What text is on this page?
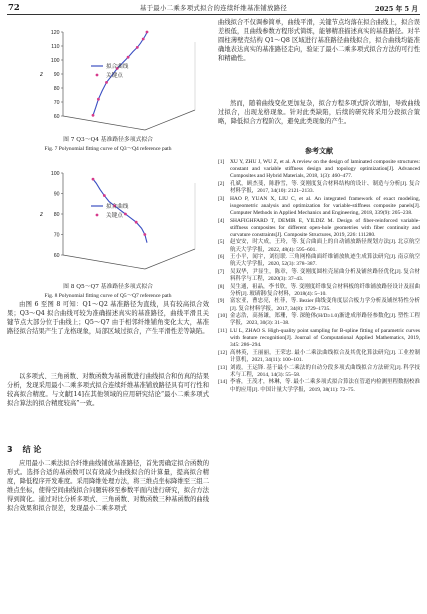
72	基于最小二乘多项式拟合的连续纤维基准铺放路径	2025 年 5 月
60
70
80
90
100
110
120
z
拟合曲线
关键点
图 7 Q3～Q4 基准路径多项式拟合
Fig. 7 Polynomial fitting curve of Q3～Q4 reference path
60
70
80
90
100
z
拟合曲线
关键点
图 8 Q5～Q7 基准路径多项式拟合
Fig. 8 Polynomial fitting curve of Q5～Q7 reference path
由图 6 至图 8 可知：Q1～Q2 基准路径为直线，具有较高拟合效果；Q3～Q4 拟合曲线可较为准确描述真实的基准路径，曲线平滑且关键节点大部分位于曲线上；Q5～Q7 由于相邻纤维铺角变化太大，基准路径拟合结果产生了龙格现象，局部区域过拟合，产生平滑性差等缺陷。
以多项式、三角函数、对数函数为基函数进行曲线拟合和仿真的结果分析，发现采用最小二乘多项式拟合连续纤维基准铺放路径具有可行性和较高拟合精度。与文献[14]在其他领域的应用研究结论“最小二乘多项式拟合算法的拟合精度较高”一致。
3 结 论
应用最小二乘法拟合纤维曲线铺放基准路径，首先需确定拟合函数的形式。选择合适的基函数可以有效减少曲线拟合的计算量，提高拟合精度，降低程序开发难度。采用降维处理方法，将三维点坐标降维至三组二维点坐标，使得空间曲线拟合问题转移至参数平面内进行研究，拟合方法得到简化。通过对比分析多项式、三角函数、对数函数三种基函数的曲线拟合效果和拟合误差，发现最小二乘多项式
曲线拟合不仅调参简单，曲线平滑，关键节点均落在拟合曲线上，拟合误差极低，且曲线参数方程形式简练，能够精准描述真实的基准路径。对半圆柱薄壁壳结构 Q1～Q8 区域进行基准路径曲线拟合，拟合曲线均能准确地表达真实的基准路径走向，验证了最小二乘多项式拟合方法的可行性和精确性。
然而，随着曲线变化更加复杂，拟合方程多项式阶次增加，导致曲线过拟合，出现龙格现象。针对此类缺陷，后续的研究将采用分段拟合策略，降低拟合方程阶次，避免此类现象的产生。
参考文献
[1] XU Y, ZHU J, WU Z, et al. A review on the design of laminated composite structures: constant and variable stiffness design and topology optimization[J]. Advanced Composites and Hybrid Materials, 2018, 1(3): 460–477.
[2] 孔斌，顾杰斐，陈静雪，等. 变刚度复合材料结构的设计、制造与分析[J]. 复合材料学报，2017, 34(10): 2121–2133.
[3] HAO P, YUAN X, LIU C, et al. An integrated framework of exact modeling, isogeometric analysis and optimization for variable-stiffness composite panels[J]. Computer Methods in Applied Mechanics and Engineering, 2018, 339(9): 205–238.
[4] SHAFIGHFARD T, DEMIR E, YILDIZ M. Design of fiber-reinforced variable-stiffness composites for different open-hole geometries with fiber continuity and curvature constraints[J]. Composite Structures, 2019, 226: 111280.
[5] 赵安安，时大成，王玲，等. 复合曲面上的自动铺放路径规划方法[J]. 北京航空航天大学学报，2022, 48(4): 595–601.
[6] 王小平，闻宇，刘衍联. 三角网格曲面纤维铺放轨迹生成算法研究[J]. 南京航空航天大学学报，2020, 52(3): 378–387.
[7] 吴双华，尹显生，陈章，等. 变刚度圆柱壳屈曲分析及铺丝路径优化[J]. 复合材料科学与工程，2020(3): 37–43.
[8] 吴生通，祖晶，李书欣，等. 变刚度纤维复合材料板的纤维铺放路径设计及屈曲分析[J]. 玻璃钢/复合材料，2018(4): 5–10.
[9] 富宏亚，曹忠亮，杜菲，等. Bezier 曲线变角度层合板力学分析及铺丝特性分析[J]. 复合材料学报，2017, 34(8): 1729–1735.
[10] 金志浩，高扬谦，郑珊，等. 深舱体(H/D≥1.0)渐进成形路径参数化[J]. 塑性工程学报，2023, 30(3): 31–38.
[11] LU L, ZHAO S. High-quality point sampling for B-spline fitting of parametric curves with feature recognition[J]. Journal of Computational Applied Mathematics, 2019, 345: 286–294.
[12] 高林英，王丽丽，王荣忠. 最小二乘法曲线拟合及其优化算法研究[J]. 工业控制计算机，2021, 34(11): 100–101.
[13] 刘霞，王运锋. 基于最小二乘法的自动分段多项式曲线拟合方法研究[J]. 科学技术与工程，2014, 14(3): 55–58.
[14] 李睿，王茂才，林琳，等. 最小二乘多项式拟合算法在管道内检测里程数据校准中的应用[J]. 中国计量大学学报，2019, 38(11): 72–75.
